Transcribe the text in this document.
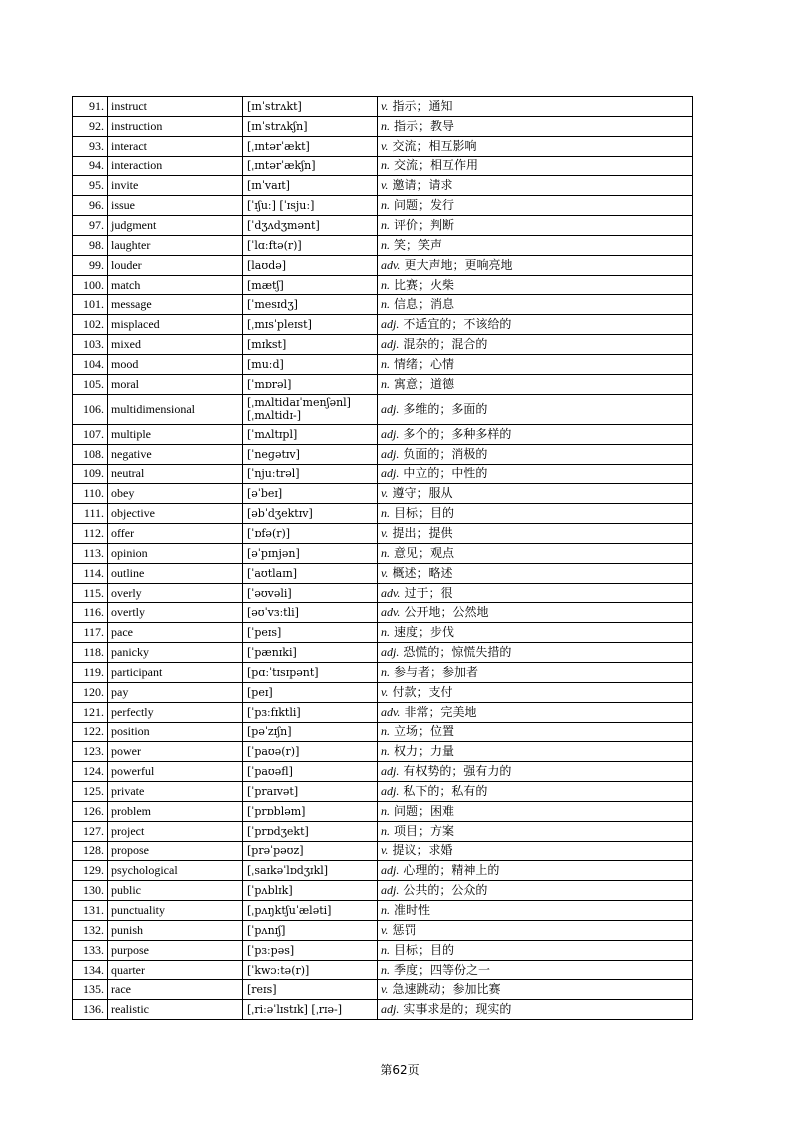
91.	instruct	[ɪnˈstrʌkt]	v. 指示；通知
92.	instruction	[ɪnˈstrʌkʃn]	n. 指示；教导
93.	interact	[ˌɪntərˈækt]	v. 交流；相互影响
94.	interaction	[ˌɪntərˈækʃn]	n. 交流；相互作用
95.	invite	[ɪnˈvaɪt]	v. 邀请；请求
96.	issue	[ˈɪʃuː] [ˈɪsjuː]	n. 问题；发行
97.	judgment	[ˈdʒʌdʒmənt]	n. 评价；判断
98.	laughter	[ˈlɑːftə(r)]	n. 笑；笑声
99.	louder	[laʊdə]	adv. 更大声地；更响亮地
100.	match	[mætʃ]	n. 比赛；火柴
101.	message	[ˈmesɪdʒ]	n. 信息；消息
102.	misplaced	[ˌmɪsˈpleɪst]	adj. 不适宜的；不该给的
103.	mixed	[mɪkst]	adj. 混杂的；混合的
104.	mood	[muːd]	n. 情绪；心情
105.	moral	[ˈmɒrəl]	n. 寓意；道德
106.	multidimensional	[ˌmʌltidaɪˈmenʃənl] [ˌmʌltidɪ-]	adj. 多维的；多面的
107.	multiple	[ˈmʌltɪpl]	adj. 多个的；多种多样的
108.	negative	[ˈneɡətɪv]	adj. 负面的；消极的
109.	neutral	[ˈnjuːtrəl]	adj. 中立的；中性的
110.	obey	[əˈbeɪ]	v. 遵守；服从
111.	objective	[əbˈdʒektɪv]	n. 目标；目的
112.	offer	[ˈɒfə(r)]	v. 提出；提供
113.	opinion	[əˈpɪnjən]	n. 意见；观点
114.	outline	[ˈaʊtlaɪn]	v. 概述；略述
115.	overly	[ˈəʊvəli]	adv. 过于；很
116.	overtly	[əʊˈvɜːtli]	adv. 公开地；公然地
117.	pace	[ˈpeɪs]	n. 速度；步伐
118.	panicky	[ˈpænɪki]	adj. 恐慌的；惊慌失措的
119.	participant	[pɑːˈtɪsɪpənt]	n. 参与者；参加者
120.	pay	[peɪ]	v. 付款；支付
121.	perfectly	[ˈpɜːfɪktli]	adv. 非常；完美地
122.	position	[pəˈzɪʃn]	n. 立场；位置
123.	power	[ˈpaʊə(r)]	n. 权力；力量
124.	powerful	[ˈpaʊəfl]	adj. 有权势的；强有力的
125.	private	[ˈpraɪvət]	adj. 私下的；私有的
126.	problem	[ˈprɒbləm]	n. 问题；困难
127.	project	[ˈprɒdʒekt]	n. 项目；方案
128.	propose	[prəˈpəʊz]	v. 提议；求婚
129.	psychological	[ˌsaɪkəˈlɒdʒɪkl]	adj. 心理的；精神上的
130.	public	[ˈpʌblɪk]	adj. 公共的；公众的
131.	punctuality	[ˌpʌŋktʃuˈæləti]	n. 准时性
132.	punish	[ˈpʌnɪʃ]	v. 惩罚
133.	purpose	[ˈpɜːpəs]	n. 目标；目的
134.	quarter	[ˈkwɔːtə(r)]	n. 季度；四等份之一
135.	race	[reɪs]	v. 急速跳动；参加比赛
136.	realistic	[ˌriːəˈlɪstɪk] [ˌrɪə-]	adj. 实事求是的；现实的
第62页
